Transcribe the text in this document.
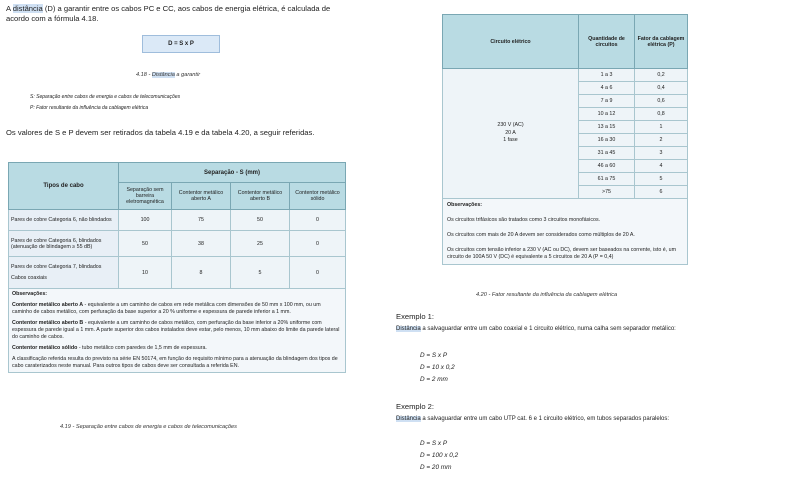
A distância (D) a garantir entre os cabos PC e CC, aos cabos de energia elétrica, é calculada de acordo com a fórmula 4.18.
D = S x P
4.18 - Distância a garantir
S: Separação entre cabos de energia e cabos de telecomunicações
P: Fator resultante da influência da cablagem elétrica
Os valores de S e P devem ser retirados da tabela 4.19 e da tabela 4.20, a seguir referidas.
Tipos de cabo	Separação - S (mm)			
	Separação sem barreira eletromagnética	Contentor metálico aberto A	Contentor metálico aberto B	Contentor metálico sólido
Pares de cobre Categoria 6, não blindados	100	75	50	0
Pares de cobre Categoria 6, blindados (atenuação de blindagem ≥ 55 dB)	50	38	25	0

Pares de cobre Categoria 7, blindados
Cabos coaxiais	10	8	5	0

Observações:
Contentor metálico aberto A - equivalente a um caminho de cabos em rede metálica com dimensões de 50 mm x 100 mm, ou um caminho de cabos metálico, com perfuração da base superior a 20 % uniforme e espessura de parede inferior a 1 mm.
Contentor metálico aberto B - equivalente a um caminho de cabos metálico, com perfuração da base inferior a 20% uniforme com espessura de parede igual a 1 mm. A parte superior dos cabos instalados deve estar, pelo menos, 10 mm abaixo do limite da parede lateral do caminho de cabos.
Contentor metálico sólido - tubo metálico com paredes de 1,5 mm de espessura.
A classificação referida resulta do previsto na série EN 50174, em função do requisito mínimo para a atenuação da blindagem dos tipos de cabo caraterizados neste manual. Para outros tipos de cabos deve ser consultada a referida EN.				
4.19 - Separação entre cabos de energia e cabos de telecomunicações
Circuito elétrico	Quantidade de circuitos	Fator da cablagem elétrica (P)

230 V (AC)
20 A
1 fase	1 a 3	0,2
	4 a 6	0,4
	7 a 9	0,6
	10 a 12	0,8
	13 a 15	1
	16 a 30	2
	31 a 45	3
	46 a 60	4
	61 a 75	5
	>75	6

Observações:
Os circuitos trifásicos são tratados como 3 circuitos monofásicos.
Os circuitos com mais de 20 A devem ser considerados como múltiplos de 20 A.
Os circuitos com tensão inferior a 230 V (AC ou DC), devem ser baseados na corrente, isto é, um circuito de 100A 50 V (DC) é equivalente a 5 circuitos de 20 A (P = 0,4)		
4.20 - Fator resultante da influência da cablagem elétrica
Exemplo 1:
Distância a salvaguardar entre um cabo coaxial e 1 circuito elétrico, numa calha sem separador metálico:
D = S x P
D = 10 x 0,2
D = 2 mm
Exemplo 2:
Distância a salvaguardar entre um cabo UTP cat. 6 e 1 circuito elétrico, em tubos separados paralelos:
D = S x P
D = 100 x 0,2
D = 20 mm
